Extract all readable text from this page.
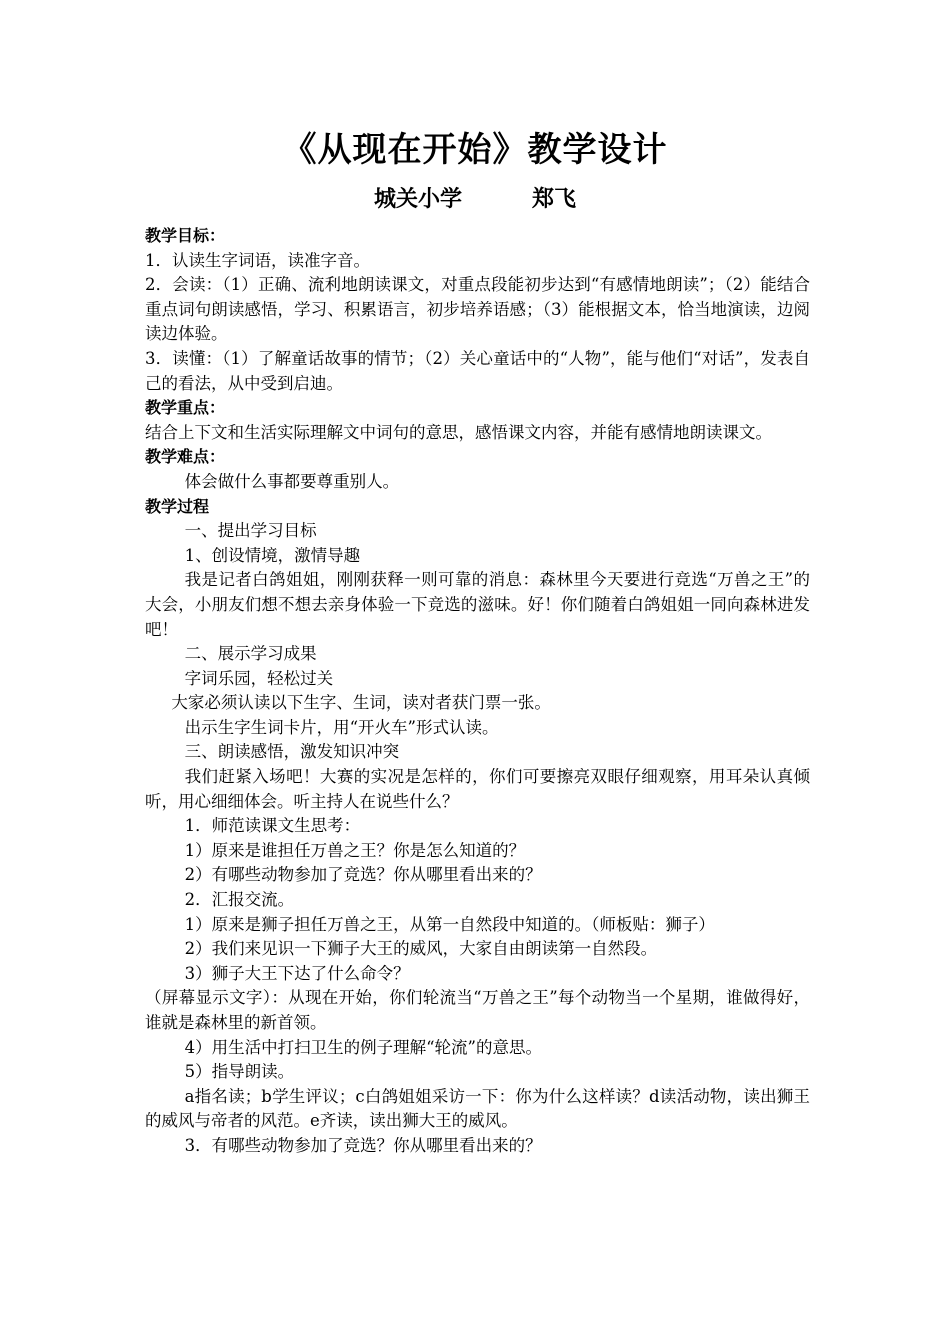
《从现在开始》教学设计
城关小学	郑飞

教学目标：

1．认读生字词语，读准字音。

2．会读：（1）正确、流利地朗读课文，对重点段能初步达到“有感情地朗读”；（2）能结合重点词句朗读感悟，学习、积累语言，初步培养语感；（3）能根据文本，恰当地演读，边阅读边体验。

3．读懂：（1）了解童话故事的情节；（2）关心童话中的“人物”，能与他们“对话”，发表自己的看法，从中受到启迪。

教学重点：

结合上下文和生活实际理解文中词句的意思，感悟课文内容，并能有感情地朗读课文。

教学难点：

体会做什么事都要尊重别人。

教学过程

一、提出学习目标

1、创设情境，激情导趣

我是记者白鸽姐姐，刚刚获释一则可靠的消息：森林里今天要进行竞选“万兽之王”的大会，小朋友们想不想去亲身体验一下竞选的滋味。好！你们随着白鸽姐姐一同向森林进发吧！

二、展示学习成果

字词乐园，轻松过关

大家必须认读以下生字、生词，读对者获门票一张。

出示生字生词卡片，用“开火车”形式认读。

三、朗读感悟，激发知识冲突

我们赶紧入场吧！大赛的实况是怎样的，你们可要擦亮双眼仔细观察，用耳朵认真倾听，用心细细体会。听主持人在说些什么？

1．师范读课文生思考：

1）原来是谁担任万兽之王？你是怎么知道的？

2）有哪些动物参加了竞选？你从哪里看出来的？

2．汇报交流。

1）原来是狮子担任万兽之王，从第一自然段中知道的。（师板贴：狮子）

2）我们来见识一下狮子大王的威风，大家自由朗读第一自然段。

3）狮子大王下达了什么命令？

（屏幕显示文字）：从现在开始，你们轮流当“万兽之王”每个动物当一个星期，谁做得好，谁就是森林里的新首领。

4）用生活中打扫卫生的例子理解“轮流”的意思。

5）指导朗读。

a指名读；b学生评议；c白鸽姐姐采访一下：你为什么这样读？d读活动物，读出狮王的威风与帝者的风范。e齐读，读出狮大王的威风。

3．有哪些动物参加了竞选？你从哪里看出来的？
